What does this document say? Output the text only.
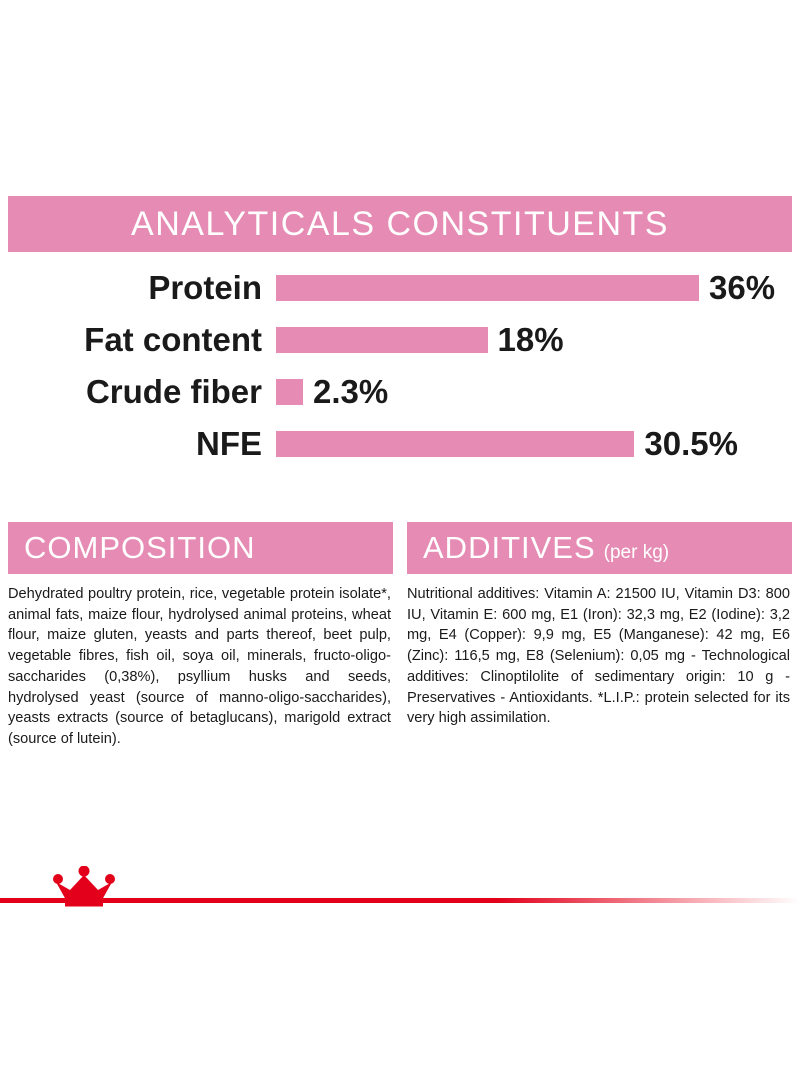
ANALYTICALS CONSTITUENTS
Protein	36%
Fat content	18%
Crude fiber	2.3%
NFE	30.5%
COMPOSITION
Dehydrated poultry protein, rice, vegetable protein isolate*, animal fats, maize flour, hydrolysed animal proteins, wheat flour, maize gluten, yeasts and parts thereof, beet pulp, vegetable fibres, fish oil, soya oil, minerals, fructo-oligo- saccharides (0,38%), psyllium husks and seeds, hydrolysed yeast (source of manno-oligo-saccharides), yeasts extracts (source of betaglucans), marigold extract (source of lutein).
ADDITIVES (per kg)
Nutritional additives: Vitamin A: 21500 IU, Vitamin D3: 800 IU, Vitamin E: 600 mg, E1 (Iron): 32,3 mg, E2 (Iodine): 3,2 mg, E4 (Copper): 9,9 mg, E5 (Manganese): 42 mg, E6 (Zinc): 116,5 mg, E8 (Selenium): 0,05 mg - Technological additives: Clinoptilolite of sedimentary origin: 10 g - Preservatives - Antioxidants. *L.I.P.: protein selected for its very high assimilation.
